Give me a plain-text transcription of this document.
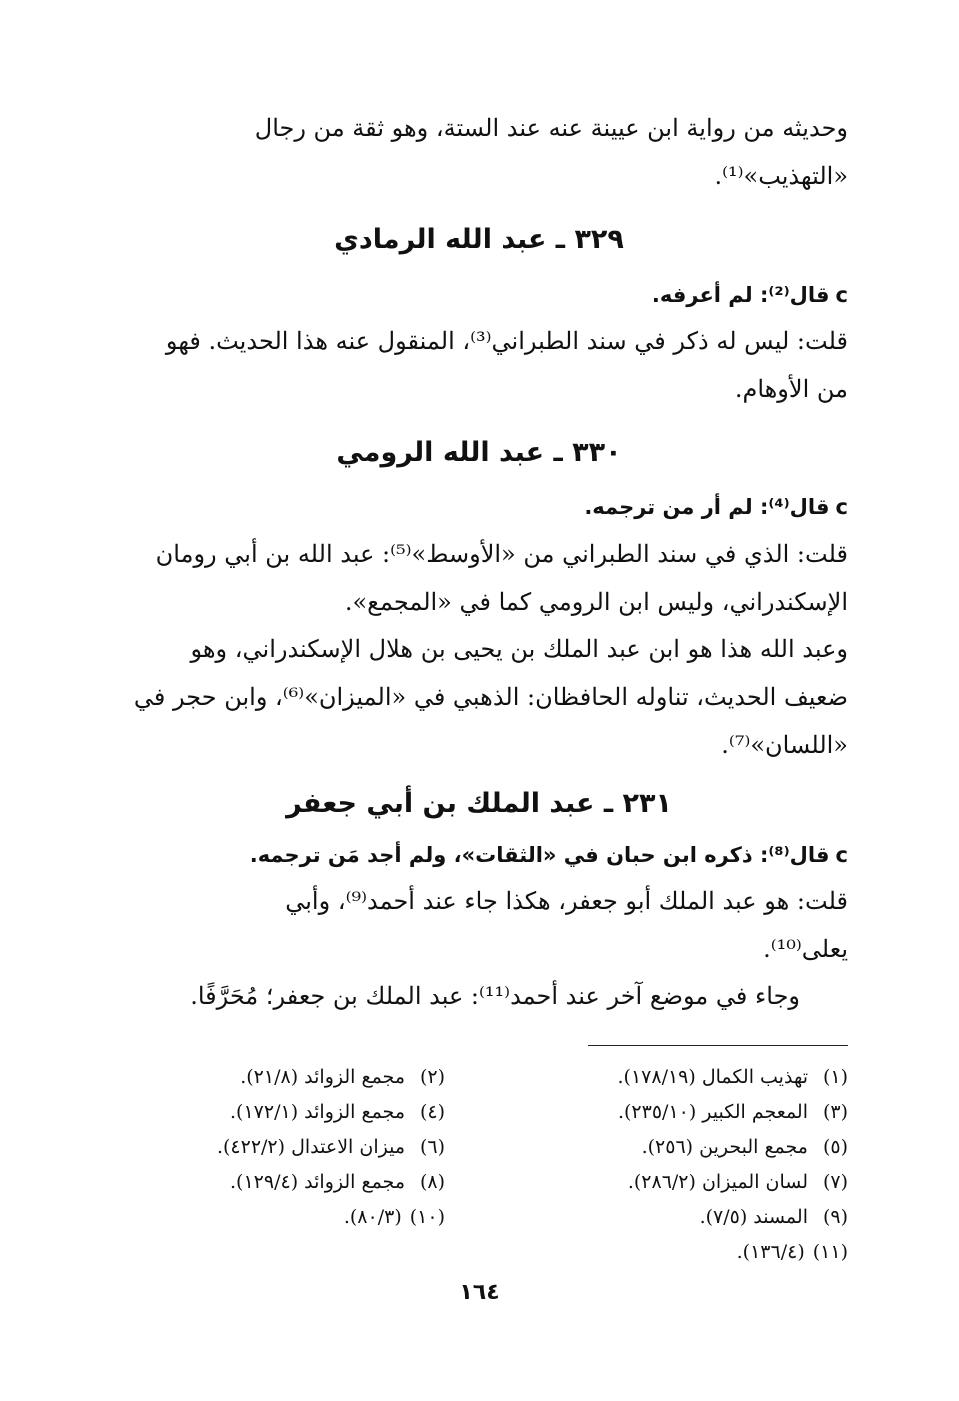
وحديثه من رواية ابن عيينة عنه عند الستة، وهو ثقة من رجال
«التهذيب»⁽¹⁾.

٣٢٩ ـ عبد الله الرمادي

cقال⁽²⁾: لم أعرفه.

قلت: ليس له ذكر في سند الطبراني⁽³⁾، المنقول عنه هذا الحديث. فهو
من الأوهام.

٣٣٠ ـ عبد الله الرومي

cقال⁽⁴⁾: لم أر من ترجمه.

قلت: الذي في سند الطبراني من «الأوسط»⁽⁵⁾: عبد الله بن أبي رومان
الإسكندراني، وليس ابن الرومي كما في «المجمع».

وعبد الله هذا هو ابن عبد الملك بن يحيى بن هلال الإسكندراني، وهو
ضعيف الحديث، تناوله الحافظان: الذهبي في «الميزان»⁽⁶⁾، وابن حجر في
«اللسان»⁽⁷⁾.

٢٣١ ـ عبد الملك بن أبي جعفر

cقال⁽⁸⁾: ذكره ابن حبان في «الثقات»، ولم أجد مَن ترجمه.

قلت: هو عبد الملك أبو جعفر، هكذا جاء عند أحمد⁽⁹⁾، وأبي
يعلى⁽¹⁰⁾.

وجاء في موضع آخر عند أحمد⁽¹¹⁾: عبد الملك بن جعفر؛ مُحَرَّفًا.

(١)تهذيب الكمال (١٧٨/١٩).
(٣)المعجم الكبير (٢٣٥/١٠).
(٥)مجمع البحرين (٢٥٦).
(٧)لسان الميزان (٢٨٦/٢).
(٩)المسند (٧/٥).
(١١)(١٣٦/٤).
(٢)مجمع الزوائد (٢١/٨).
(٤)مجمع الزوائد (١٧٢/١).
(٦)ميزان الاعتدال (٤٢٢/٢).
(٨)مجمع الزوائد (١٢٩/٤).
(١٠)(٨٠/٣).
١٦٤
